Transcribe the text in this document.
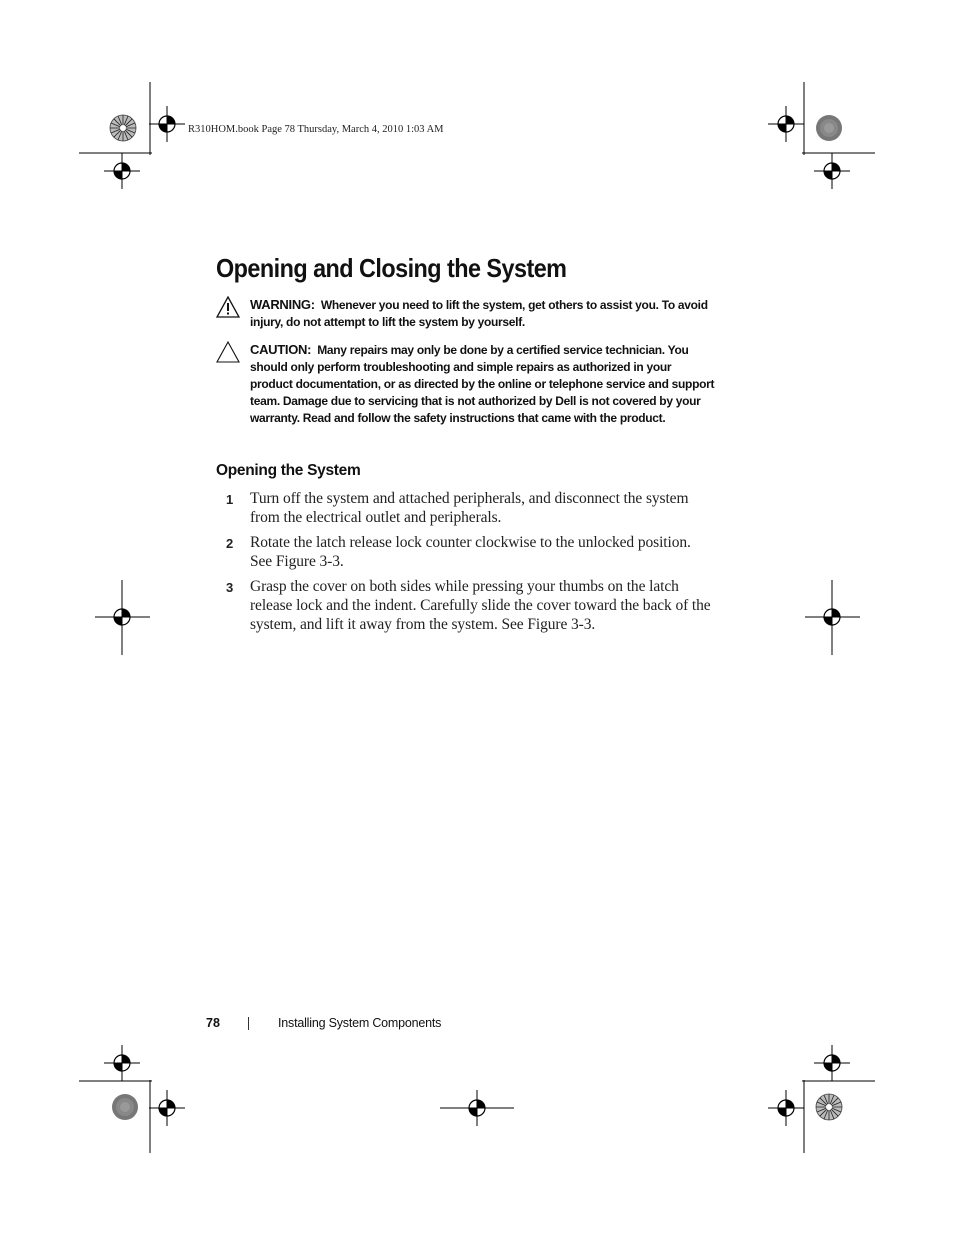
R310HOM.book Page 78 Thursday, March 4, 2010 1:03 AM
Opening and Closing the System
WARNING: Whenever you need to lift the system, get others to assist you. To avoid injury, do not attempt to lift the system by yourself.
CAUTION: Many repairs may only be done by a certified service technician. You should only perform troubleshooting and simple repairs as authorized in your product documentation, or as directed by the online or telephone service and support team. Damage due to servicing that is not authorized by Dell is not covered by your warranty. Read and follow the safety instructions that came with the product.
Opening the System
1 Turn off the system and attached peripherals, and disconnect the system from the electrical outlet and peripherals.
2 Rotate the latch release lock counter clockwise to the unlocked position. See Figure 3-3.
3 Grasp the cover on both sides while pressing your thumbs on the latch release lock and the indent. Carefully slide the cover toward the back of the system, and lift it away from the system. See Figure 3-3.
78	Installing System Components
